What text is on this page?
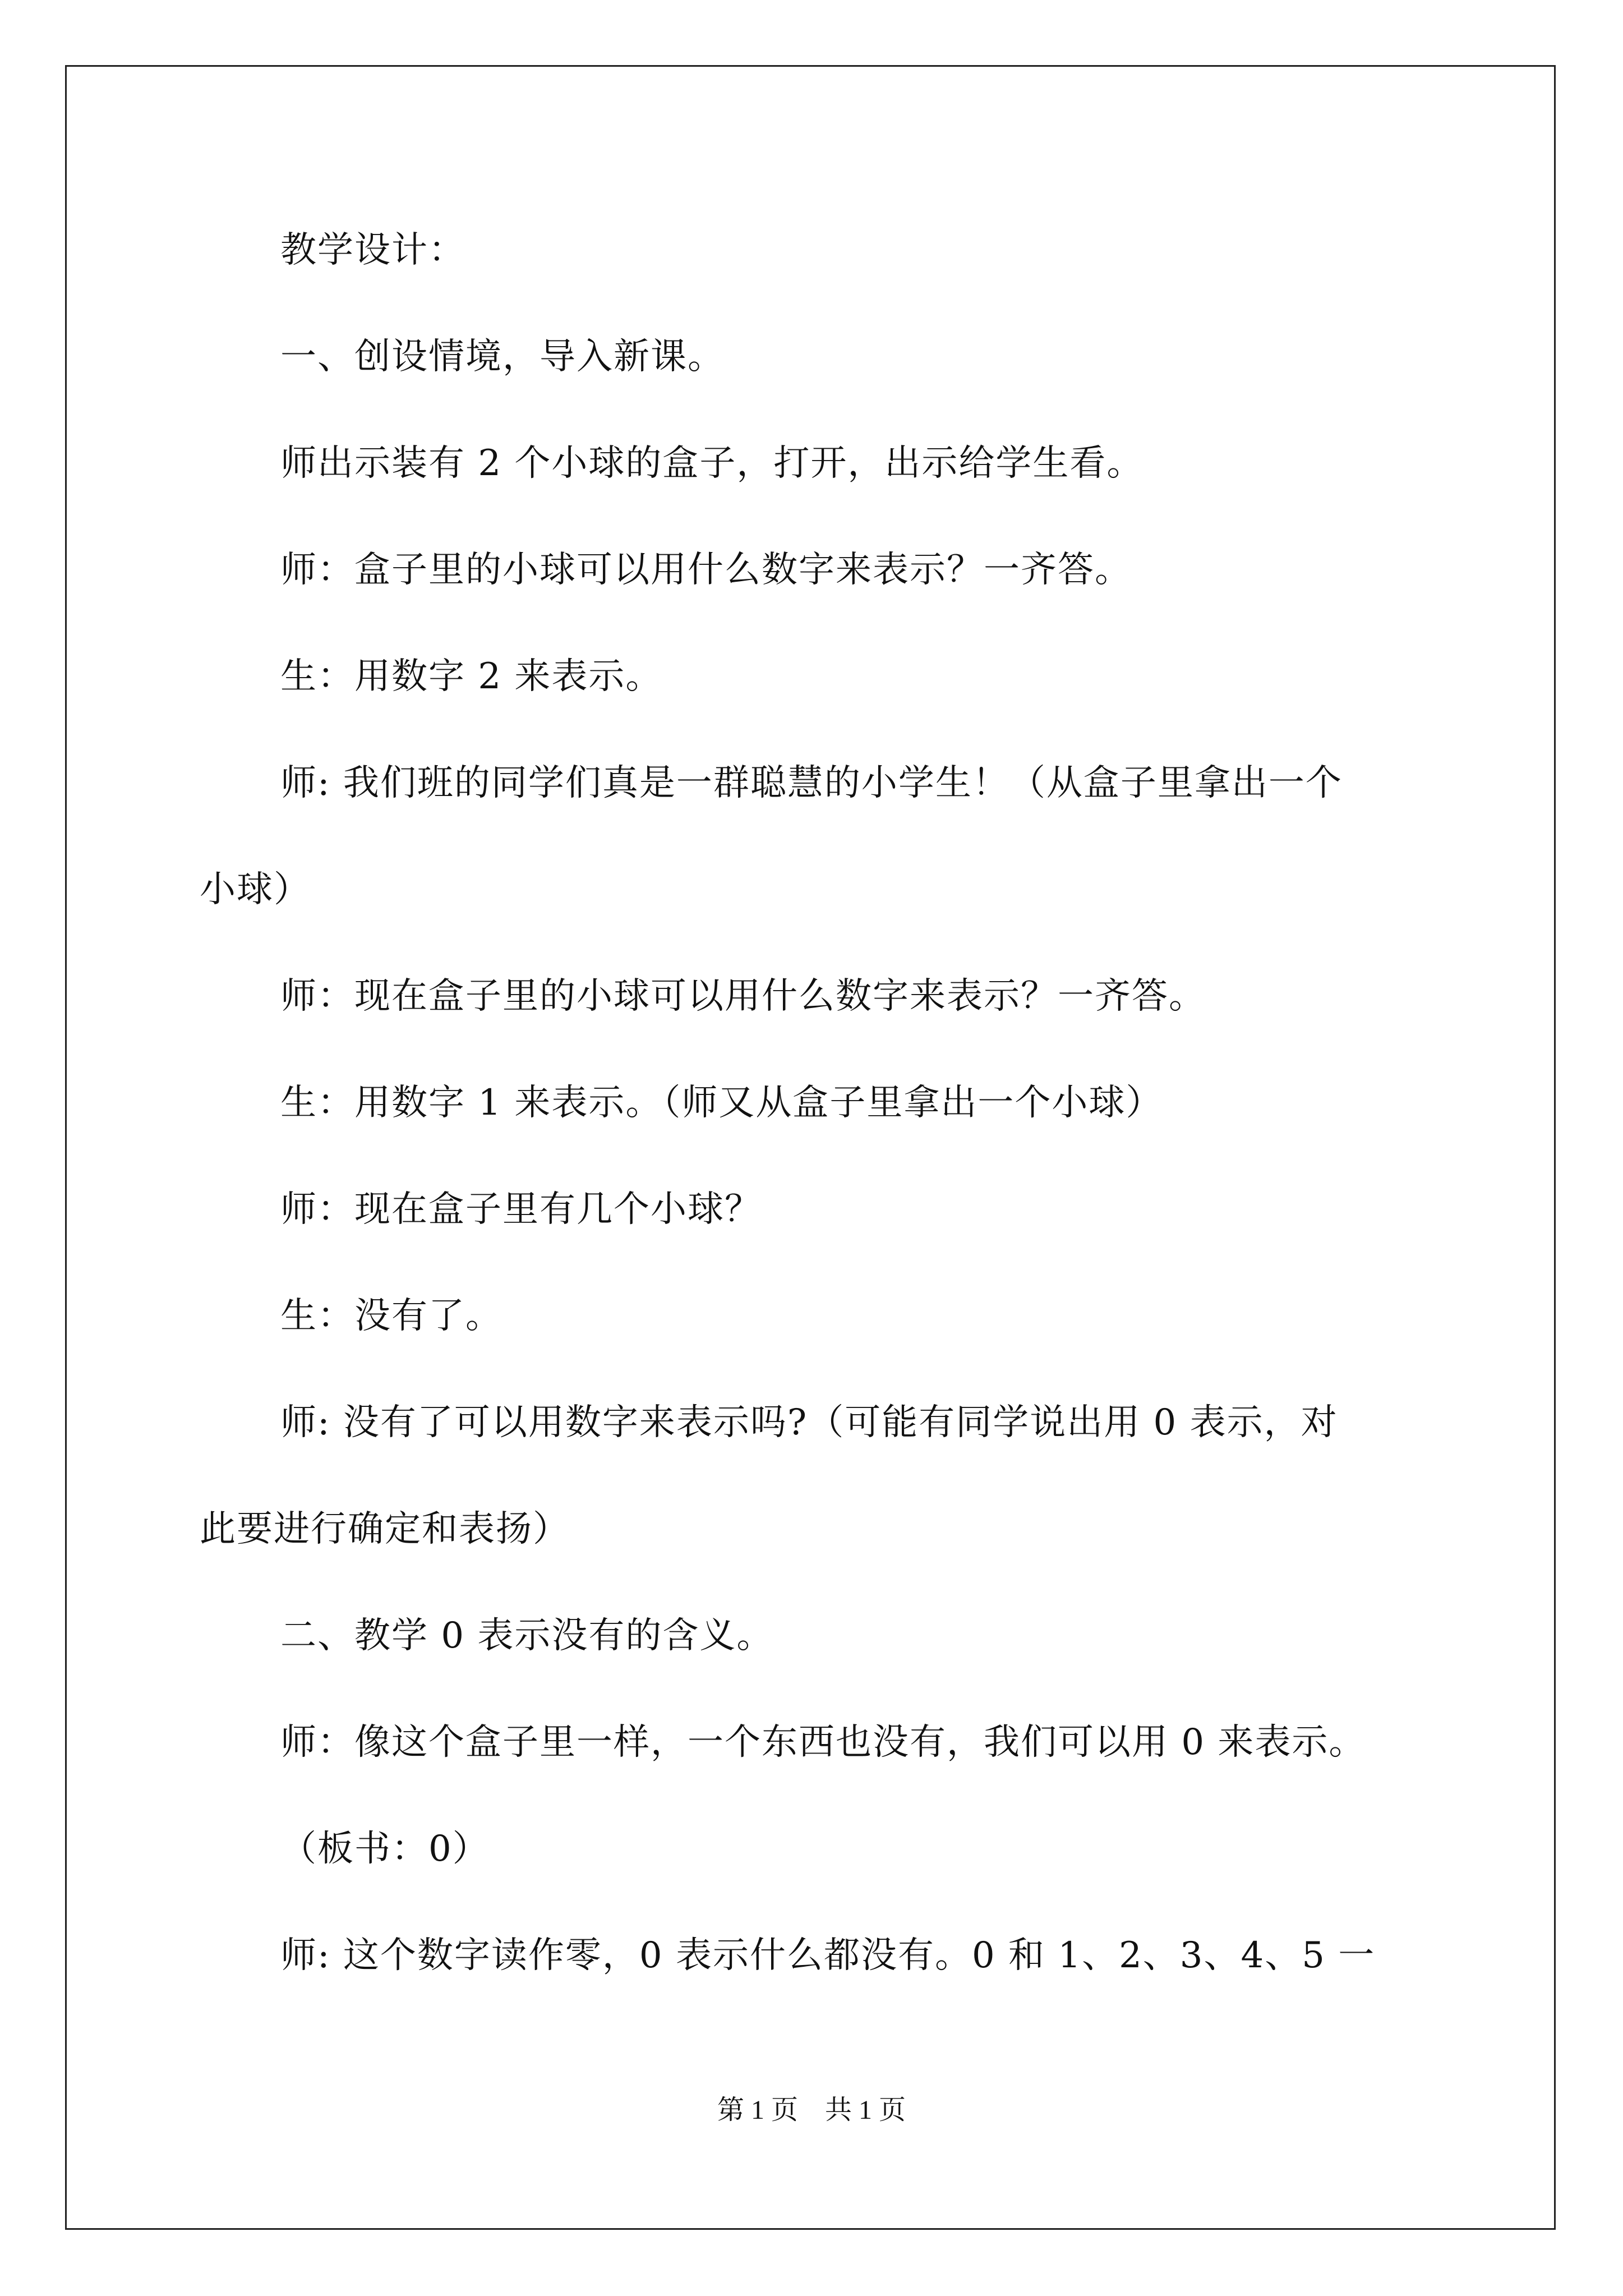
教学设计：
一、创设情境，导入新课。
师出示装有 2 个小球的盒子，打开，出示给学生看。
师：盒子里的小球可以用什么数字来表示？一齐答。
生：用数字 2 来表示。
师: 我们班的同学们真是一群聪慧的小学生！（从盒子里拿出一个
小球）
师：现在盒子里的小球可以用什么数字来表示？一齐答。
生：用数字 1 来表示。（师又从盒子里拿出一个小球）
师：现在盒子里有几个小球？
生：没有了。
师: 没有了可以用数字来表示吗?（可能有同学说出用 0 表示，对
此要进行确定和表扬）
二、教学 0 表示没有的含义。
师：像这个盒子里一样，一个东西也没有，我们可以用 0 来表示。
（板书：0）
师: 这个数字读作零，0 表示什么都没有。0 和 1、2、3、4、5 一
第 1 页　共 1 页
